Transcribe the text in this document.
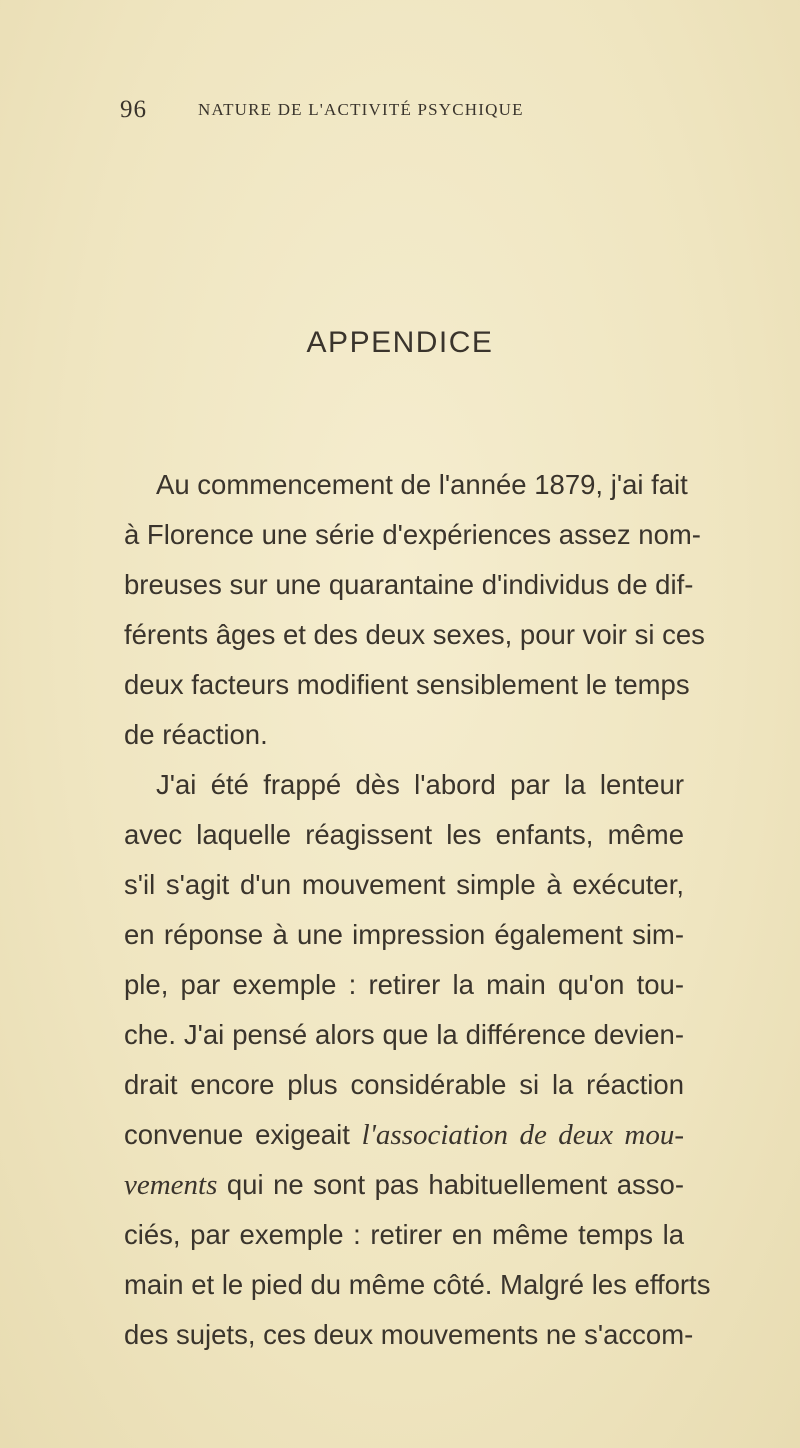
96	NATURE DE L'ACTIVITÉ PSYCHIQUE
APPENDICE
Au commencement de l'année 1879, j'ai fait
à Florence une série d'expériences assez nom-
breuses sur une quarantaine d'individus de dif-
férents âges et des deux sexes, pour voir si ces
deux facteurs modifient sensiblement le temps
de réaction.
J'ai été frappé dès l'abord par la lenteur
avec laquelle réagissent les enfants, même
s'il s'agit d'un mouvement simple à exécuter,
en réponse à une impression également sim-
ple, par exemple : retirer la main qu'on tou-
che. J'ai pensé alors que la différence devien-
drait encore plus considérable si la réaction
convenue exigeait l'association de deux mou-
vements qui ne sont pas habituellement asso-
ciés, par exemple : retirer en même temps la
main et le pied du même côté. Malgré les efforts
des sujets, ces deux mouvements ne s'accom-
